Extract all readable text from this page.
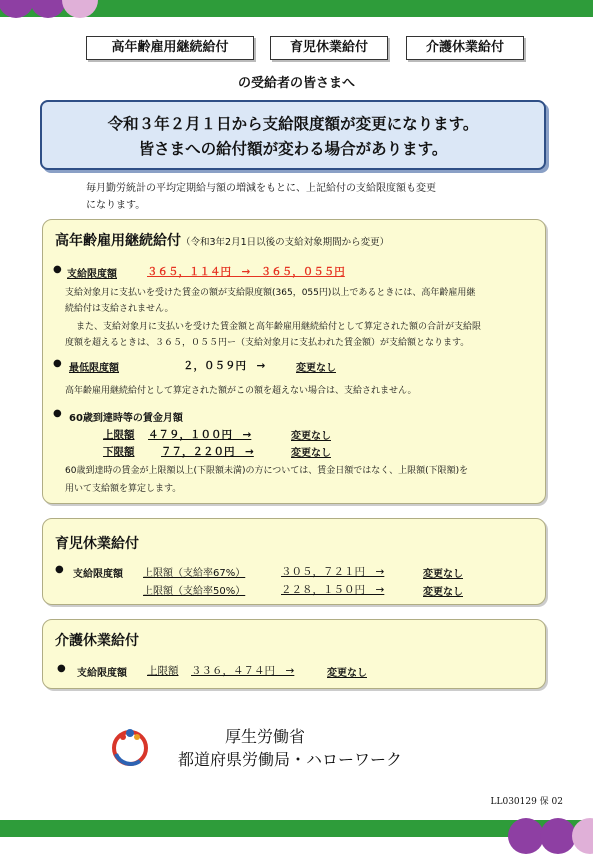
高年齢雇用継続給付	育児休業給付	介護休業給付
の受給者の皆さまへ
令和３年２月１日から支給限度額が変更になります。
皆さまへの給付額が変わる場合があります。
毎月勤労統計の平均定期給与額の増減をもとに、上記給付の支給限度額も変更
になります。
高年齢雇用継続給付（令和3年2月1日以後の支給対象期間から変更）
● 支給限度額	３６５，１１４円　→　３６５，０５５円
支給対象月に支払いを受けた賃金の額が支給限度額(365，055円)以上であるときには、高年齢雇用継
続給付は支給されません。
また、支給対象月に支払いを受けた賃金額と高年齢雇用継続給付として算定された額の合計が支給限
度額を超えるときは、３６５，０５５円ー（支給対象月に支払われた賃金額）が支給額となります。
● 最低限度額	２，０５９円　→	変更なし
高年齢雇用継続給付として算定された額がこの額を超えない場合は、支給されません。
● 60歳到達時等の賃金月額
上限額 ４７９，１００円　→	変更なし
下限額	７７，２２０円　→	変更なし
60歳到達時の賃金が上限額以上(下限額未満)の方については、賃金日額ではなく、上限額(下限額)を
用いて支給額を算定します。
育児休業給付
● 支給限度額 上限額（支給率67%）	３０５，７２１円　→	変更なし
上限額（支給率50%）	２２８，１５０円　→	変更なし
介護休業給付
● 支給限度額 上限額 ３３６，４７４円　→	変更なし
厚生労働省
都道府県労働局・ハローワーク
LL030129 保 02
